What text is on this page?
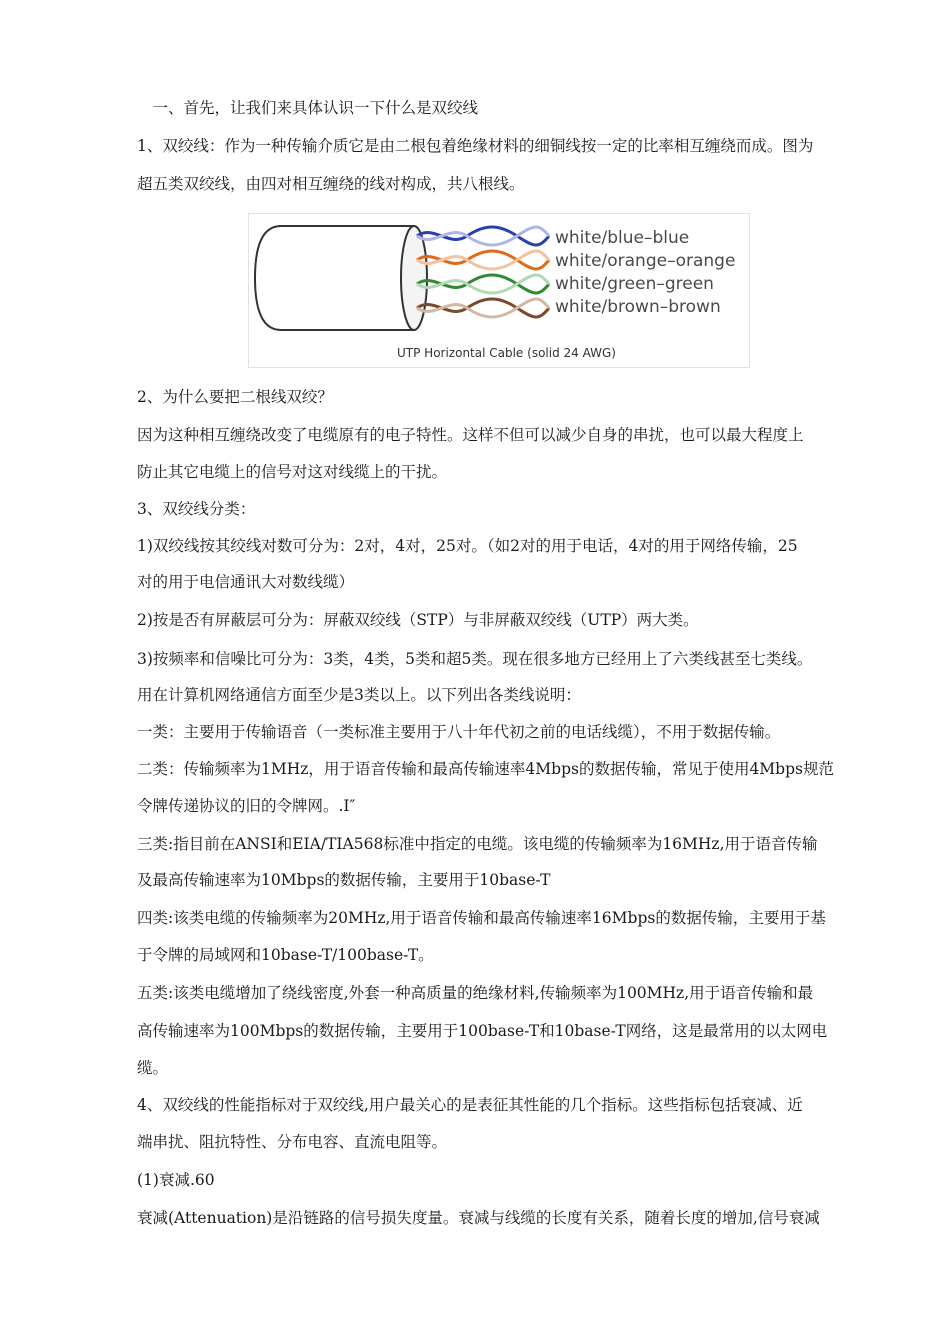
　一、首先，让我们来具体认识一下什么是双绞线
1、双绞线：作为一种传输介质它是由二根包着绝缘材料的细铜线按一定的比率相互缠绕而成。图为
超五类双绞线，由四对相互缠绕的线对构成，共八根线。
white/blue–blue
white/orange–orange
white/green–green
white/brown–brown
UTP Horizontal Cable (solid 24 AWG)
2、为什么要把二根线双绞？
因为这种相互缠绕改变了电缆原有的电子特性。这样不但可以减少自身的串扰，也可以最大程度上
防止其它电缆上的信号对这对线缆上的干扰。
3、双绞线分类：
1)双绞线按其绞线对数可分为：2对，4对，25对。（如2对的用于电话，4对的用于网络传输，25
对的用于电信通讯大对数线缆）
2)按是否有屏蔽层可分为：屏蔽双绞线（STP）与非屏蔽双绞线（UTP）两大类。
3)按频率和信噪比可分为：3类，4类，5类和超5类。现在很多地方已经用上了六类线甚至七类线。
用在计算机网络通信方面至少是3类以上。以下列出各类线说明：
一类：主要用于传输语音（一类标准主要用于八十年代初之前的电话线缆），不用于数据传输。
二类：传输频率为1MHz，用于语音传输和最高传输速率4Mbps的数据传输，常见于使用4Mbps规范
令牌传递协议的旧的令牌网。.I″
三类:指目前在ANSI和EIA/TIA568标准中指定的电缆。该电缆的传输频率为16MHz,用于语音传输
及最高传输速率为10Mbps的数据传输，主要用于10base-T
四类:该类电缆的传输频率为20MHz,用于语音传输和最高传输速率16Mbps的数据传输，主要用于基
于令牌的局域网和10base-T/100base-T。
五类:该类电缆增加了绕线密度,外套一种高质量的绝缘材料,传输频率为100MHz,用于语音传输和最
高传输速率为100Mbps的数据传输，主要用于100base-T和10base-T网络，这是最常用的以太网电
缆。
4、双绞线的性能指标对于双绞线,用户最关心的是表征其性能的几个指标。这些指标包括衰减、近
端串扰、阻抗特性、分布电容、直流电阻等。
(1)衰减.60
衰减(Attenuation)是沿链路的信号损失度量。衰减与线缆的长度有关系，随着长度的增加,信号衰减
